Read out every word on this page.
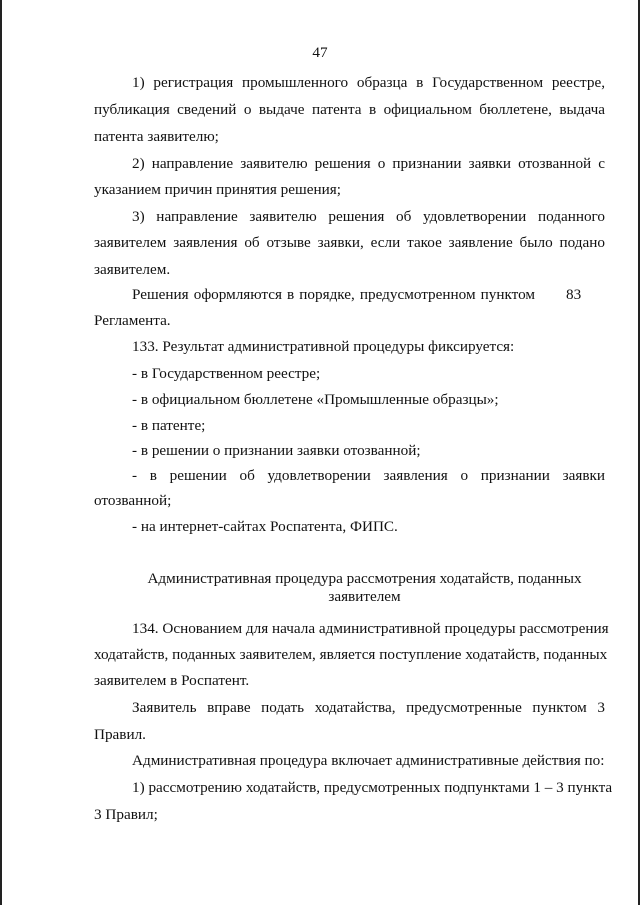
47
1) регистрация промышленного образца в Государственном реестре,
публикация сведений о выдаче патента в официальном бюллетене, выдача
патента заявителю;
2) направление заявителю решения о признании заявки отозванной с
указанием причин принятия решения;
3) направление заявителю решения об удовлетворении поданного
заявителем заявления об отзыве заявки, если такое заявление было подано
заявителем.
Решения оформляются в порядке, предусмотренном пунктом 83
Регламента.
133. Результат административной процедуры фиксируется:
- в Государственном реестре;
- в официальном бюллетене «Промышленные образцы»;
- в патенте;
- в решении о признании заявки отозванной;
- в решении об удовлетворении заявления о признании заявки
отозванной;
- на интернет-сайтах Роспатента, ФИПС.
Административная процедура рассмотрения ходатайств, поданных
заявителем
134. Основанием для начала административной процедуры рассмотрения
ходатайств, поданных заявителем, является поступление ходатайств, поданных
заявителем в Роспатент.
Заявитель вправе подать ходатайства, предусмотренные пунктом 3
Правил.
Административная процедура включает административные действия по:
1) рассмотрению ходатайств, предусмотренных подпунктами 1 – 3 пункта
3 Правил;
